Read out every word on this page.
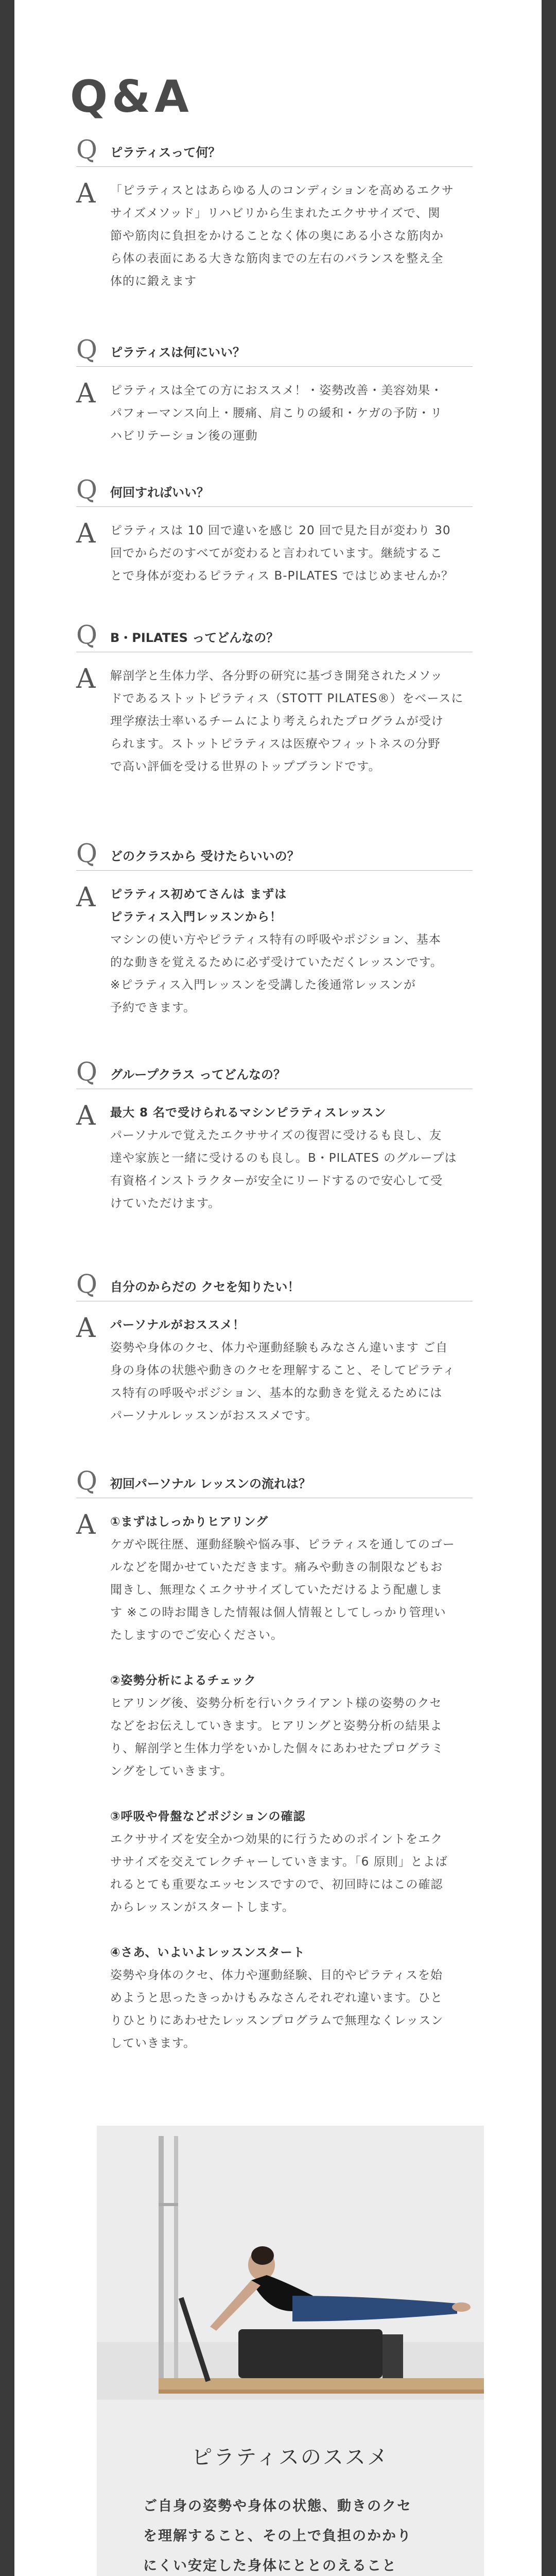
Q&A
Q ピラティスって何？
A 「ピラティスとはあらゆる人のコンディションを高めるエクサ

サイズメソッド」リハビリから生まれたエクササイズで、関

節や筋肉に負担をかけることなく体の奥にある小さな筋肉か

ら体の表面にある大きな筋肉までの左右のバランスを整え全

体的に鍛えます

Q ピラティスは何にいい？
A ピラティスは全ての方におススメ！・姿勢改善・美容効果・

パフォーマンス向上・腰痛、肩こりの緩和・ケガの予防・リ

ハビリテーション後の運動

Q 何回すればいい？
A ピラティスは 10 回で違いを感じ 20 回で見た目が変わり 30

回でからだのすべてが変わると言われています。継続するこ

とで身体が変わるピラティス B-PILATES ではじめませんか？

Q B・PILATES ってどんなの？
A 解剖学と生体力学、各分野の研究に基づき開発されたメソッ

ドであるストットピラティス（STOTT PILATES®）をベースに

理学療法士率いるチームにより考えられたプログラムが受け

られます。ストットピラティスは医療やフィットネスの分野

で高い評価を受ける世界のトップブランドです。

Q どのクラスから 受けたらいいの？
A ピラティス初めてさんは まずは

ピラティス入門レッスンから！

マシンの使い方やピラティス特有の呼吸やポジション、基本

的な動きを覚えるために必ず受けていただくレッスンです。

※ピラティス入門レッスンを受講した後通常レッスンが

予約できます。

Q グループクラス ってどんなの？
A 最大 8 名で受けられるマシンピラティスレッスン

パーソナルで覚えたエクササイズの復習に受けるも良し、友

達や家族と一緒に受けるのも良し。B・PILATES のグループは

有資格インストラクターが安全にリードするので安心して受

けていただけます。

Q 自分のからだの クセを知りたい！
A パーソナルがおススメ！

姿勢や身体のクセ、体力や運動経験もみなさん違います ご自

身の身体の状態や動きのクセを理解すること、そしてピラティ

ス特有の呼吸やポジション、基本的な動きを覚えるためには

パーソナルレッスンがおススメです。

Q 初回パーソナル レッスンの流れは？
A ①まずはしっかりヒアリング

ケガや既往歴、運動経験や悩み事、ピラティスを通してのゴー

ルなどを聞かせていただきます。痛みや動きの制限などもお

聞きし、無理なくエクササイズしていただけるよう配慮しま

す ※この時お聞きした情報は個人情報としてしっかり管理い

たしますのでご安心ください。

②姿勢分析によるチェック

ヒアリング後、姿勢分析を行いクライアント様の姿勢のクセ

などをお伝えしていきます。ヒアリングと姿勢分析の結果よ

り、解剖学と生体力学をいかした個々にあわせたプログラミ

ングをしていきます。

③呼吸や骨盤などポジションの確認

エクササイズを安全かつ効果的に行うためのポイントをエク

ササイズを交えてレクチャーしていきます。「6 原則」とよば

れるとても重要なエッセンスですので、初回時にはこの確認

からレッスンがスタートします。

④さあ、いよいよレッスンスタート

姿勢や身体のクセ、体力や運動経験、目的やピラティスを始

めようと思ったきっかけもみなさんそれぞれ違います。ひと

りひとりにあわせたレッスンプログラムで無理なくレッスン

していきます。

ピラティスのススメ

ご自身の姿勢や身体の状態、動きのクセ

を理解すること、その上で負担のかかり

にくい安定した身体にととのえること
